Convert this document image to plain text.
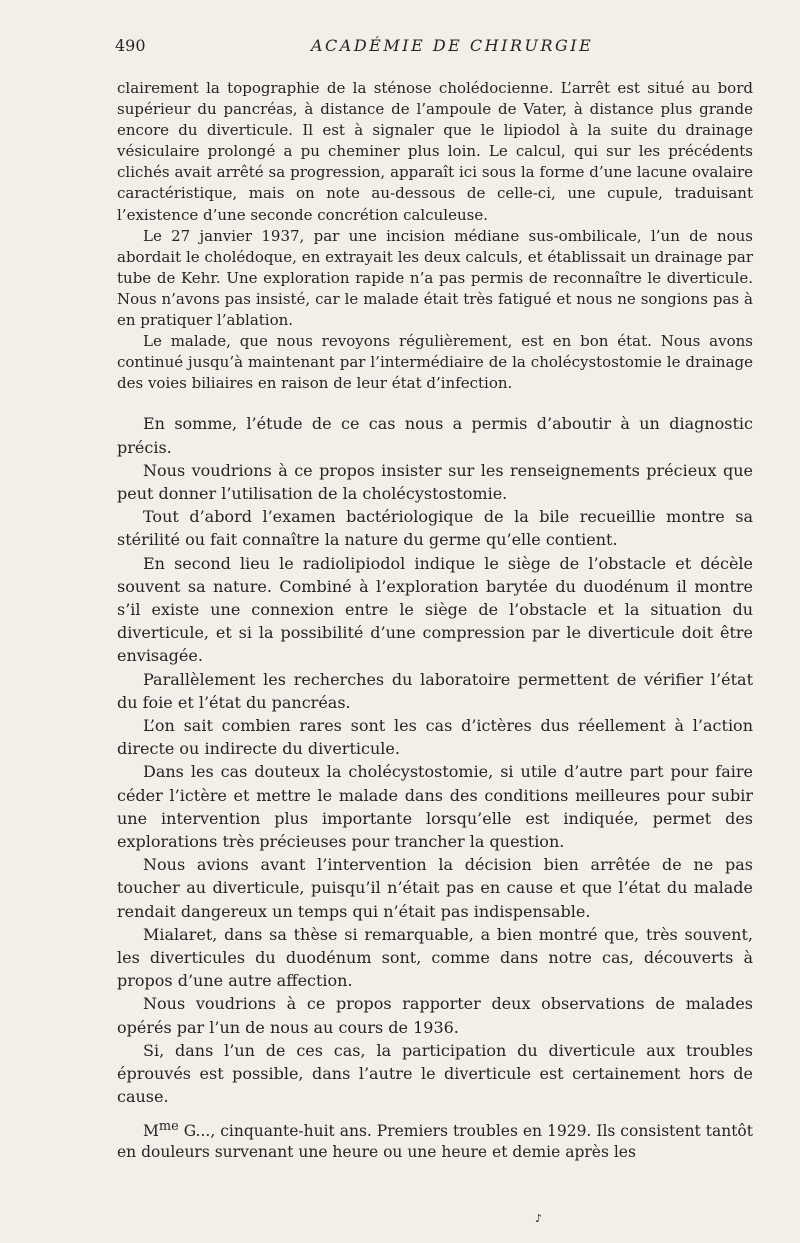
490	ACADÉMIE DE CHIRURGIE

clairement la topographie de la sténose cholédocienne. L’arrêt est situé au bord supérieur du pancréas, à distance de l’ampoule de Vater, à distance plus grande encore du diverticule. Il est à signaler que le lipiodol à la suite du drainage vésiculaire prolongé a pu cheminer plus loin. Le calcul, qui sur les précédents clichés avait arrêté sa progression, apparaît ici sous la forme d’une lacune ovalaire caractéristique, mais on note au-dessous de celle-ci, une cupule, traduisant l’existence d’une seconde concrétion calculeuse.

Le 27 janvier 1937, par une incision médiane sus-ombilicale, l’un de nous abordait le cholédoque, en extrayait les deux calculs, et établissait un drainage par tube de Kehr. Une exploration rapide n’a pas permis de reconnaître le diverticule. Nous n’avons pas insisté, car le malade était très fatigué et nous ne songions pas à en pratiquer l’ablation.

Le malade, que nous revoyons régulièrement, est en bon état. Nous avons continué jusqu’à maintenant par l’intermédiaire de la cholécystostomie le drainage des voies biliaires en raison de leur état d’infection.

En somme, l’étude de ce cas nous a permis d’aboutir à un diagnostic précis.

Nous voudrions à ce propos insister sur les renseignements précieux que peut donner l’utilisation de la cholécystostomie.

Tout d’abord l’examen bactériologique de la bile recueillie montre sa stérilité ou fait connaître la nature du germe qu’elle contient.

En second lieu le radiolipiodol indique le siège de l’obstacle et décèle souvent sa nature. Combiné à l’exploration barytée du duodénum il montre s’il existe une connexion entre le siège de l’obstacle et la situation du diverticule, et si la possibilité d’une compression par le diverticule doit être envisagée.

Parallèlement les recherches du laboratoire permettent de vérifier l’état du foie et l’état du pancréas.

L’on sait combien rares sont les cas d’ictères dus réellement à l’action directe ou indirecte du diverticule.

Dans les cas douteux la cholécystostomie, si utile d’autre part pour faire céder l’ictère et mettre le malade dans des conditions meilleures pour subir une intervention plus importante lorsqu’elle est indiquée, permet des explorations très précieuses pour trancher la question.

Nous avions avant l’intervention la décision bien arrêtée de ne pas toucher au diverticule, puisqu’il n’était pas en cause et que l’état du malade rendait dangereux un temps qui n’était pas indispensable.

Mialaret, dans sa thèse si remarquable, a bien montré que, très souvent, les diverticules du duodénum sont, comme dans notre cas, découverts à propos d’une autre affection.

Nous voudrions à ce propos rapporter deux observations de malades opérés par l’un de nous au cours de 1936.

Si, dans l’un de ces cas, la participation du diverticule aux troubles éprouvés est possible, dans l’autre le diverticule est certainement hors de cause.

$M^{me}$ G..., cinquante-huit ans. Premiers troubles en 1929. Ils consistent tantôt en douleurs survenant une heure ou une heure et demie après les

♪
